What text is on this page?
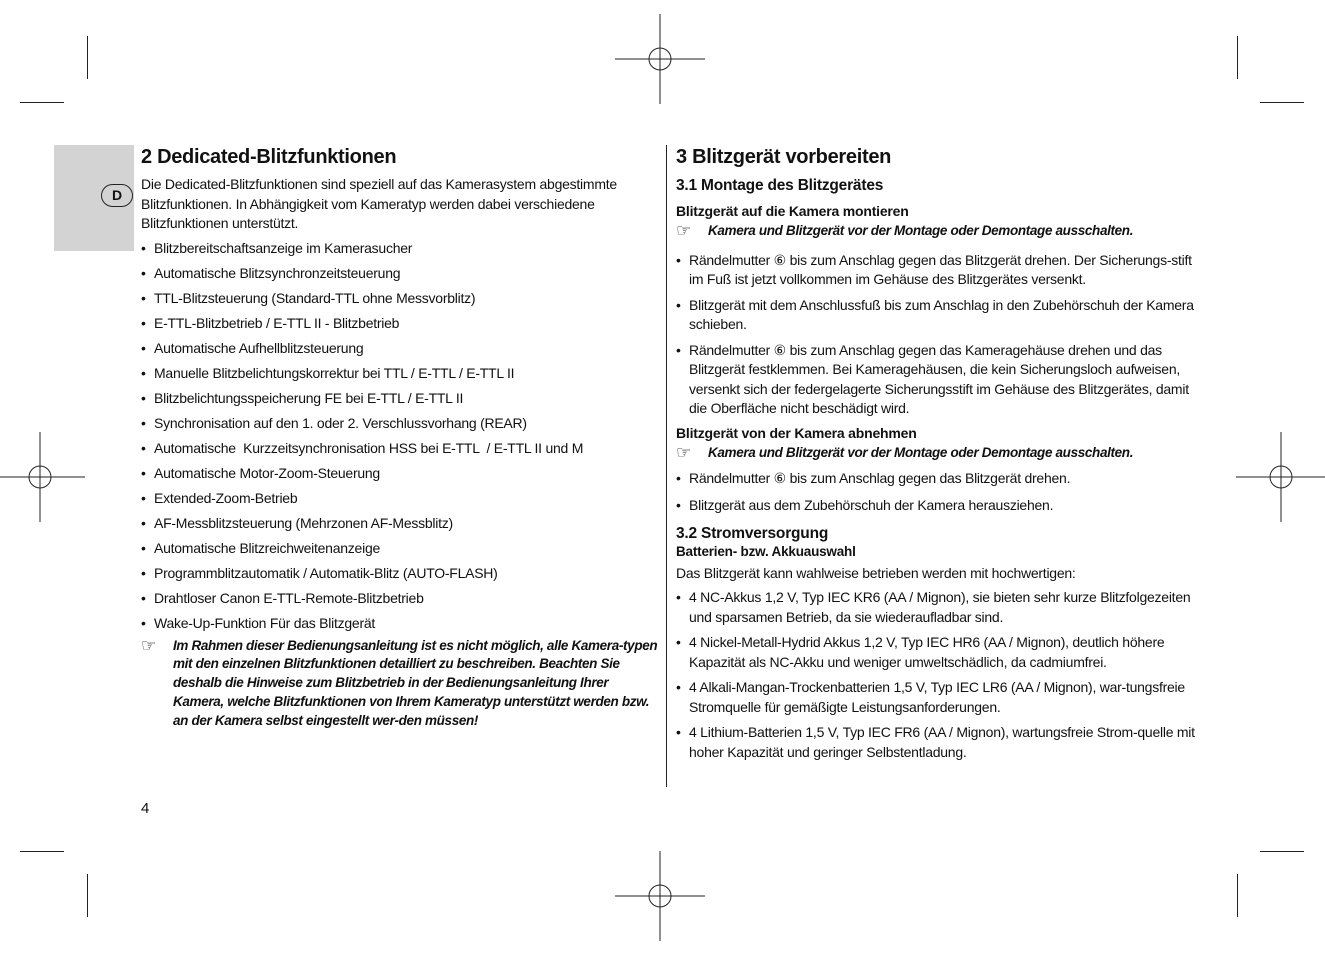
D
2 Dedicated-Blitzfunktionen

Die Dedicated-Blitzfunktionen sind speziell auf das Kamerasystem abgestimmte Blitzfunktionen. In Abhängigkeit vom Kameratyp werden dabei verschiedene Blitzfunktionen unterstützt.

• Blitzbereitschaftsanzeige im Kamerasucher
• Automatische Blitzsynchronzeitsteuerung
• TTL-Blitzsteuerung (Standard-TTL ohne Messvorblitz)
• E-TTL-Blitzbetrieb / E-TTL II - Blitzbetrieb
• Automatische Aufhellblitzsteuerung
• Manuelle Blitzbelichtungskorrektur bei TTL / E-TTL / E-TTL II
• Blitzbelichtungsspeicherung FE bei E-TTL / E-TTL II
• Synchronisation auf den 1. oder 2. Verschlussvorhang (REAR)
• Automatische  Kurzzeitsynchronisation HSS bei E-TTL  / E-TTL II und M
• Automatische Motor-Zoom-Steuerung
• Extended-Zoom-Betrieb
• AF-Messblitzsteuerung (Mehrzonen AF-Messblitz)
• Automatische Blitzreichweitenanzeige
• Programmblitzautomatik / Automatik-Blitz (AUTO-FLASH)
• Drahtloser Canon E-TTL-Remote-Blitzbetrieb
• Wake-Up-Funktion Für das Blitzgerät
☞	Im Rahmen dieser Bedienungsanleitung ist es nicht möglich, alle Kamera-typen mit den einzelnen Blitzfunktionen detailliert zu beschreiben. Beachten Sie deshalb die Hinweise zum Blitzbetrieb in der Bedienungsanleitung Ihrer Kamera, welche Blitzfunktionen von Ihrem Kameratyp unterstützt werden bzw. an der Kamera selbst eingestellt wer-den müssen!
3 Blitzgerät vorbereiten
3.1 Montage des Blitzgerätes
Blitzgerät auf die Kamera montieren
☞	Kamera und Blitzgerät vor der Montage oder Demontage ausschalten.
• Rändelmutter ⑥ bis zum Anschlag gegen das Blitzgerät drehen. Der Sicherungs-stift im Fuß ist jetzt vollkommen im Gehäuse des Blitzgerätes versenkt.
• Blitzgerät mit dem Anschlussfuß bis zum Anschlag in den Zubehörschuh der Kamera schieben.
• Rändelmutter ⑥ bis zum Anschlag gegen das Kameragehäuse drehen und das Blitzgerät festklemmen. Bei Kameragehäusen, die kein Sicherungsloch aufweisen, versenkt sich der federgelagerte Sicherungsstift im Gehäuse des Blitzgerätes, damit die Oberfläche nicht beschädigt wird.
Blitzgerät von der Kamera abnehmen
☞	Kamera und Blitzgerät vor der Montage oder Demontage ausschalten.
• Rändelmutter ⑥ bis zum Anschlag gegen das Blitzgerät drehen.
• Blitzgerät aus dem Zubehörschuh der Kamera herausziehen.
3.2 Stromversorgung
Batterien- bzw. Akkuauswahl

Das Blitzgerät kann wahlweise betrieben werden mit hochwertigen:

• 4 NC-Akkus 1,2 V, Typ IEC KR6 (AA / Mignon), sie bieten sehr kurze Blitzfolgezeiten und sparsamen Betrieb, da sie wiederaufladbar sind.
• 4 Nickel-Metall-Hydrid Akkus 1,2 V, Typ IEC HR6 (AA / Mignon), deutlich höhere Kapazität als NC-Akku und weniger umweltschädlich, da cadmiumfrei.
• 4 Alkali-Mangan-Trockenbatterien 1,5 V, Typ IEC LR6 (AA / Mignon), war-tungsfreie Stromquelle für gemäßigte Leistungsanforderungen.
• 4 Lithium-Batterien 1,5 V, Typ IEC FR6 (AA / Mignon), wartungsfreie Strom-quelle mit hoher Kapazität und geringer Selbstentladung.
4
